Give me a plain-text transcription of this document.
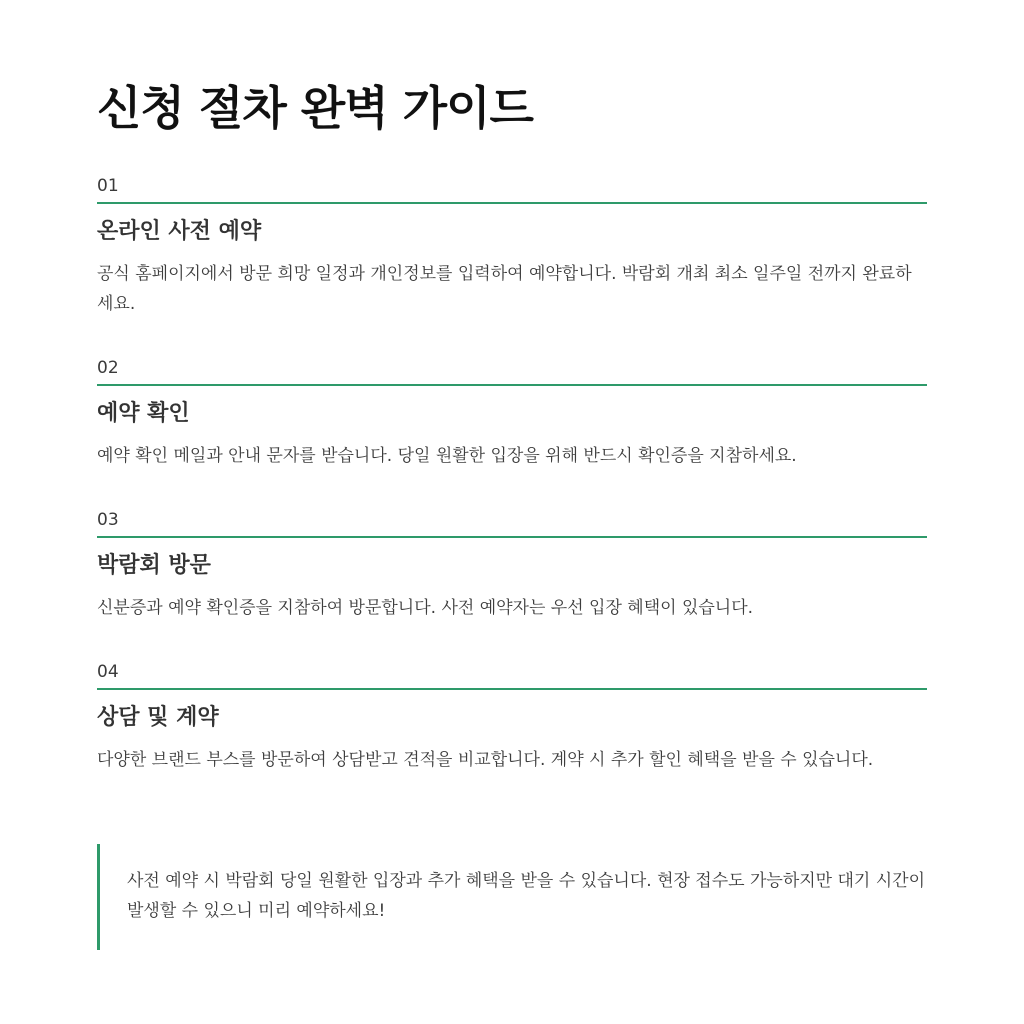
신청 절차 완벽 가이드
01
온라인 사전 예약

공식 홈페이지에서 방문 희망 일정과 개인정보를 입력하여 예약합니다. 박람회 개최 최소 일주일 전까지 완료하세요.

02
예약 확인

예약 확인 메일과 안내 문자를 받습니다. 당일 원활한 입장을 위해 반드시 확인증을 지참하세요.

03
박람회 방문

신분증과 예약 확인증을 지참하여 방문합니다. 사전 예약자는 우선 입장 혜택이 있습니다.

04
상담 및 계약

다양한 브랜드 부스를 방문하여 상담받고 견적을 비교합니다. 계약 시 추가 할인 혜택을 받을 수 있습니다.

사전 예약 시 박람회 당일 원활한 입장과 추가 혜택을 받을 수 있습니다. 현장 접수도 가능하지만 대기 시간이 발생할 수 있으니 미리 예약하세요!
